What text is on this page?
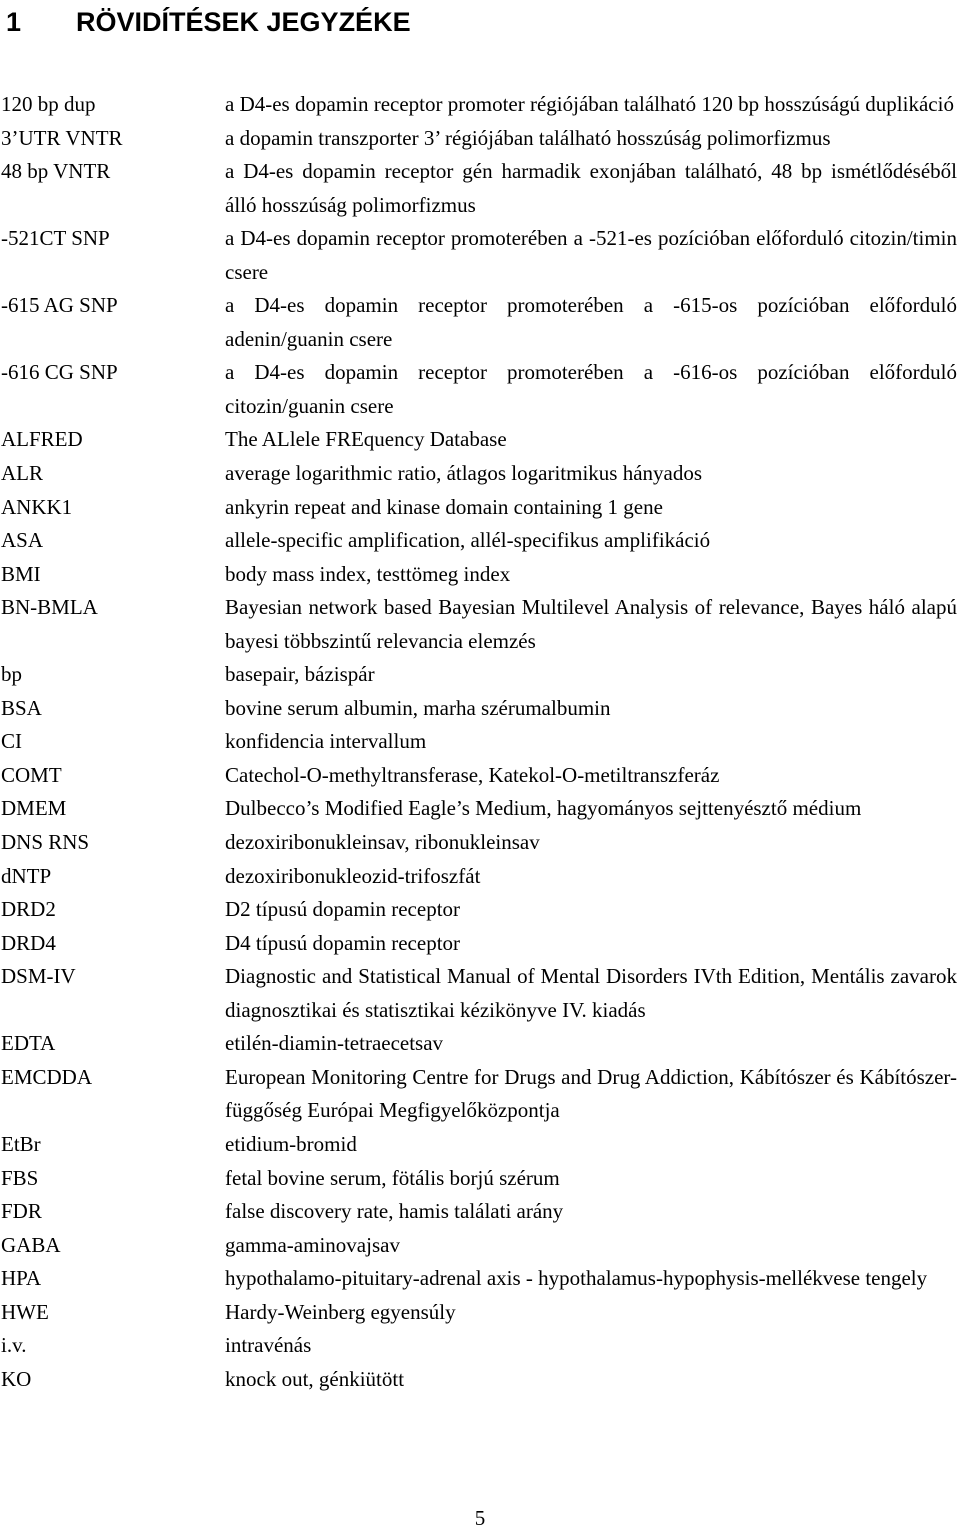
1 RÖVIDÍTÉSEK JEGYZÉKE
120 bp dup	a D4-es dopamin receptor promoter régiójában található 120 bp hosszúságú duplikáció
3’UTR VNTR	a dopamin transzporter 3’ régiójában található hosszúság polimorfizmus
48 bp VNTR	a D4-es dopamin receptor gén harmadik exonjában található, 48 bp ismétlődéséből álló hosszúság polimorfizmus
-521CT SNP	a D4-es dopamin receptor promoterében a -521-es pozícióban előforduló citozin/timin csere
-615 AG SNP	a D4-es dopamin receptor promoterében a -615-os pozícióban előforduló adenin/guanin csere
-616 CG SNP	a D4-es dopamin receptor promoterében a -616-os pozícióban előforduló citozin/guanin csere
ALFRED	The ALlele FREquency Database
ALR	average logarithmic ratio, átlagos logaritmikus hányados
ANKK1	ankyrin repeat and kinase domain containing 1 gene
ASA	allele-specific amplification, allél-specifikus amplifikáció
BMI	body mass index, testtömeg index
BN-BMLA	Bayesian network based Bayesian Multilevel Analysis of relevance, Bayes háló alapú bayesi többszintű relevancia elemzés
bp	basepair, bázispár
BSA	bovine serum albumin, marha szérumalbumin
CI	konfidencia intervallum
COMT	Catechol-O-methyltransferase, Katekol-O-metiltranszferáz
DMEM	Dulbecco’s Modified Eagle’s Medium, hagyományos sejttenyésztő médium
DNS RNS	dezoxiribonukleinsav, ribonukleinsav
dNTP	dezoxiribonukleozid-trifoszfát
DRD2	D2 típusú dopamin receptor
DRD4	D4 típusú dopamin receptor
DSM-IV	Diagnostic and Statistical Manual of Mental Disorders IVth Edition, Mentális zavarok diagnosztikai és statisztikai kézikönyve IV. kiadás
EDTA	etilén-diamin-tetraecetsav
EMCDDA	European Monitoring Centre for Drugs and Drug Addiction, Kábítószer és Kábítószer-függőség Európai Megfigyelőközpontja
EtBr	etidium-bromid
FBS	fetal bovine serum, fötális borjú szérum
FDR	false discovery rate, hamis találati arány
GABA	gamma-aminovajsav
HPA	hypothalamo-pituitary-adrenal axis - hypothalamus-hypophysis-mellékvese tengely
HWE	Hardy-Weinberg egyensúly
i.v.	intravénás
KO	knock out, génkiütött
5
